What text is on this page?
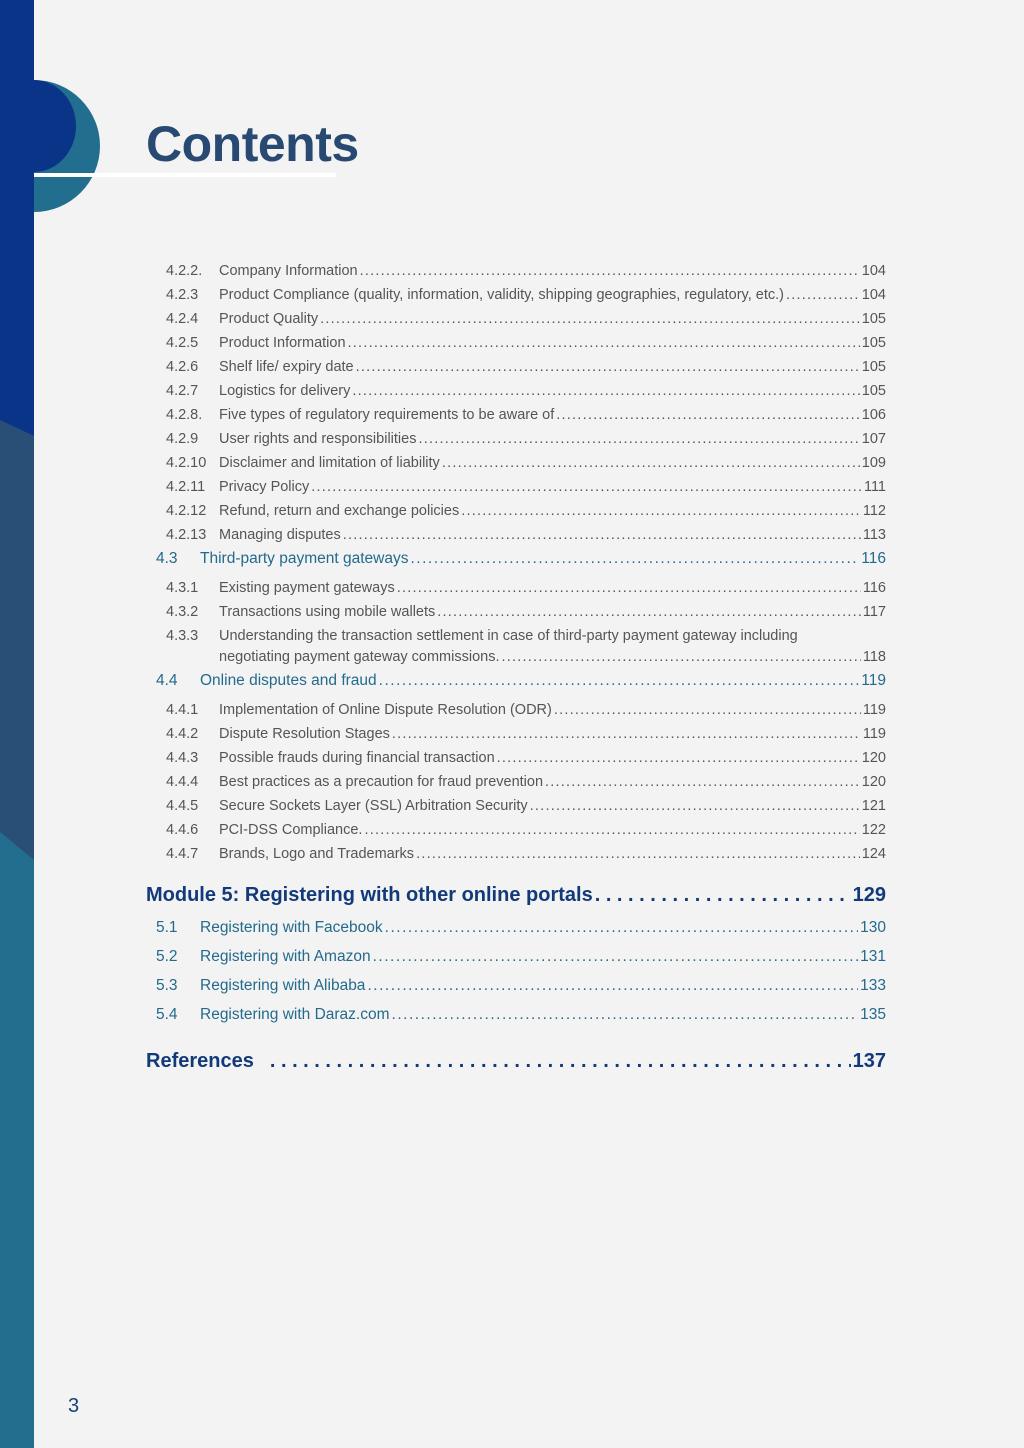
Contents
4.2.2.	Company Information . . .	104
4.2.3	Product Compliance (quality, information, validity, shipping geographies, regulatory, etc.) . . .	104
4.2.4	Product Quality . . .	105
4.2.5	Product Information . . .	105
4.2.6	Shelf life/ expiry date . . .	105
4.2.7	Logistics for delivery . . .	105
4.2.8.	Five types of regulatory requirements to be aware of . . .	106
4.2.9	User rights and responsibilities . . .	107
4.2.10 Disclaimer and limitation of liability . . .	109
4.2.11 Privacy Policy . . .	111
4.2.12 Refund, return and exchange policies . . .	112
4.2.13 Managing disputes . . .	113
4.3	Third-party payment gateways . . .	116
4.3.1	Existing payment gateways . . .	116
4.3.2	Transactions using mobile wallets . . .	117
4.3.3	Understanding the transaction settlement in case of third-party payment gateway including
negotiating payment gateway commissions. . . .	118
4.4	Online disputes and fraud . . .	119
4.4.1	Implementation of Online Dispute Resolution (ODR) . . .	119
4.4.2	Dispute Resolution Stages . . .	119
4.4.3	Possible frauds during financial transaction . . .	120
4.4.4	Best practices as a precaution for fraud prevention . . .	120
4.4.5	Secure Sockets Layer (SSL) Arbitration Security . . .	121
4.4.6	PCI-DSS Compliance. . . .	122
4.4.7	Brands, Logo and Trademarks . . .	124
Module 5: Registering with other online portals . . .	129
5.1	Registering with Facebook . . .	130
5.2	Registering with Amazon . . .	131
5.3	Registering with Alibaba . . .	133
5.4	Registering with Daraz.com . . .	135
References . . .	137
3
